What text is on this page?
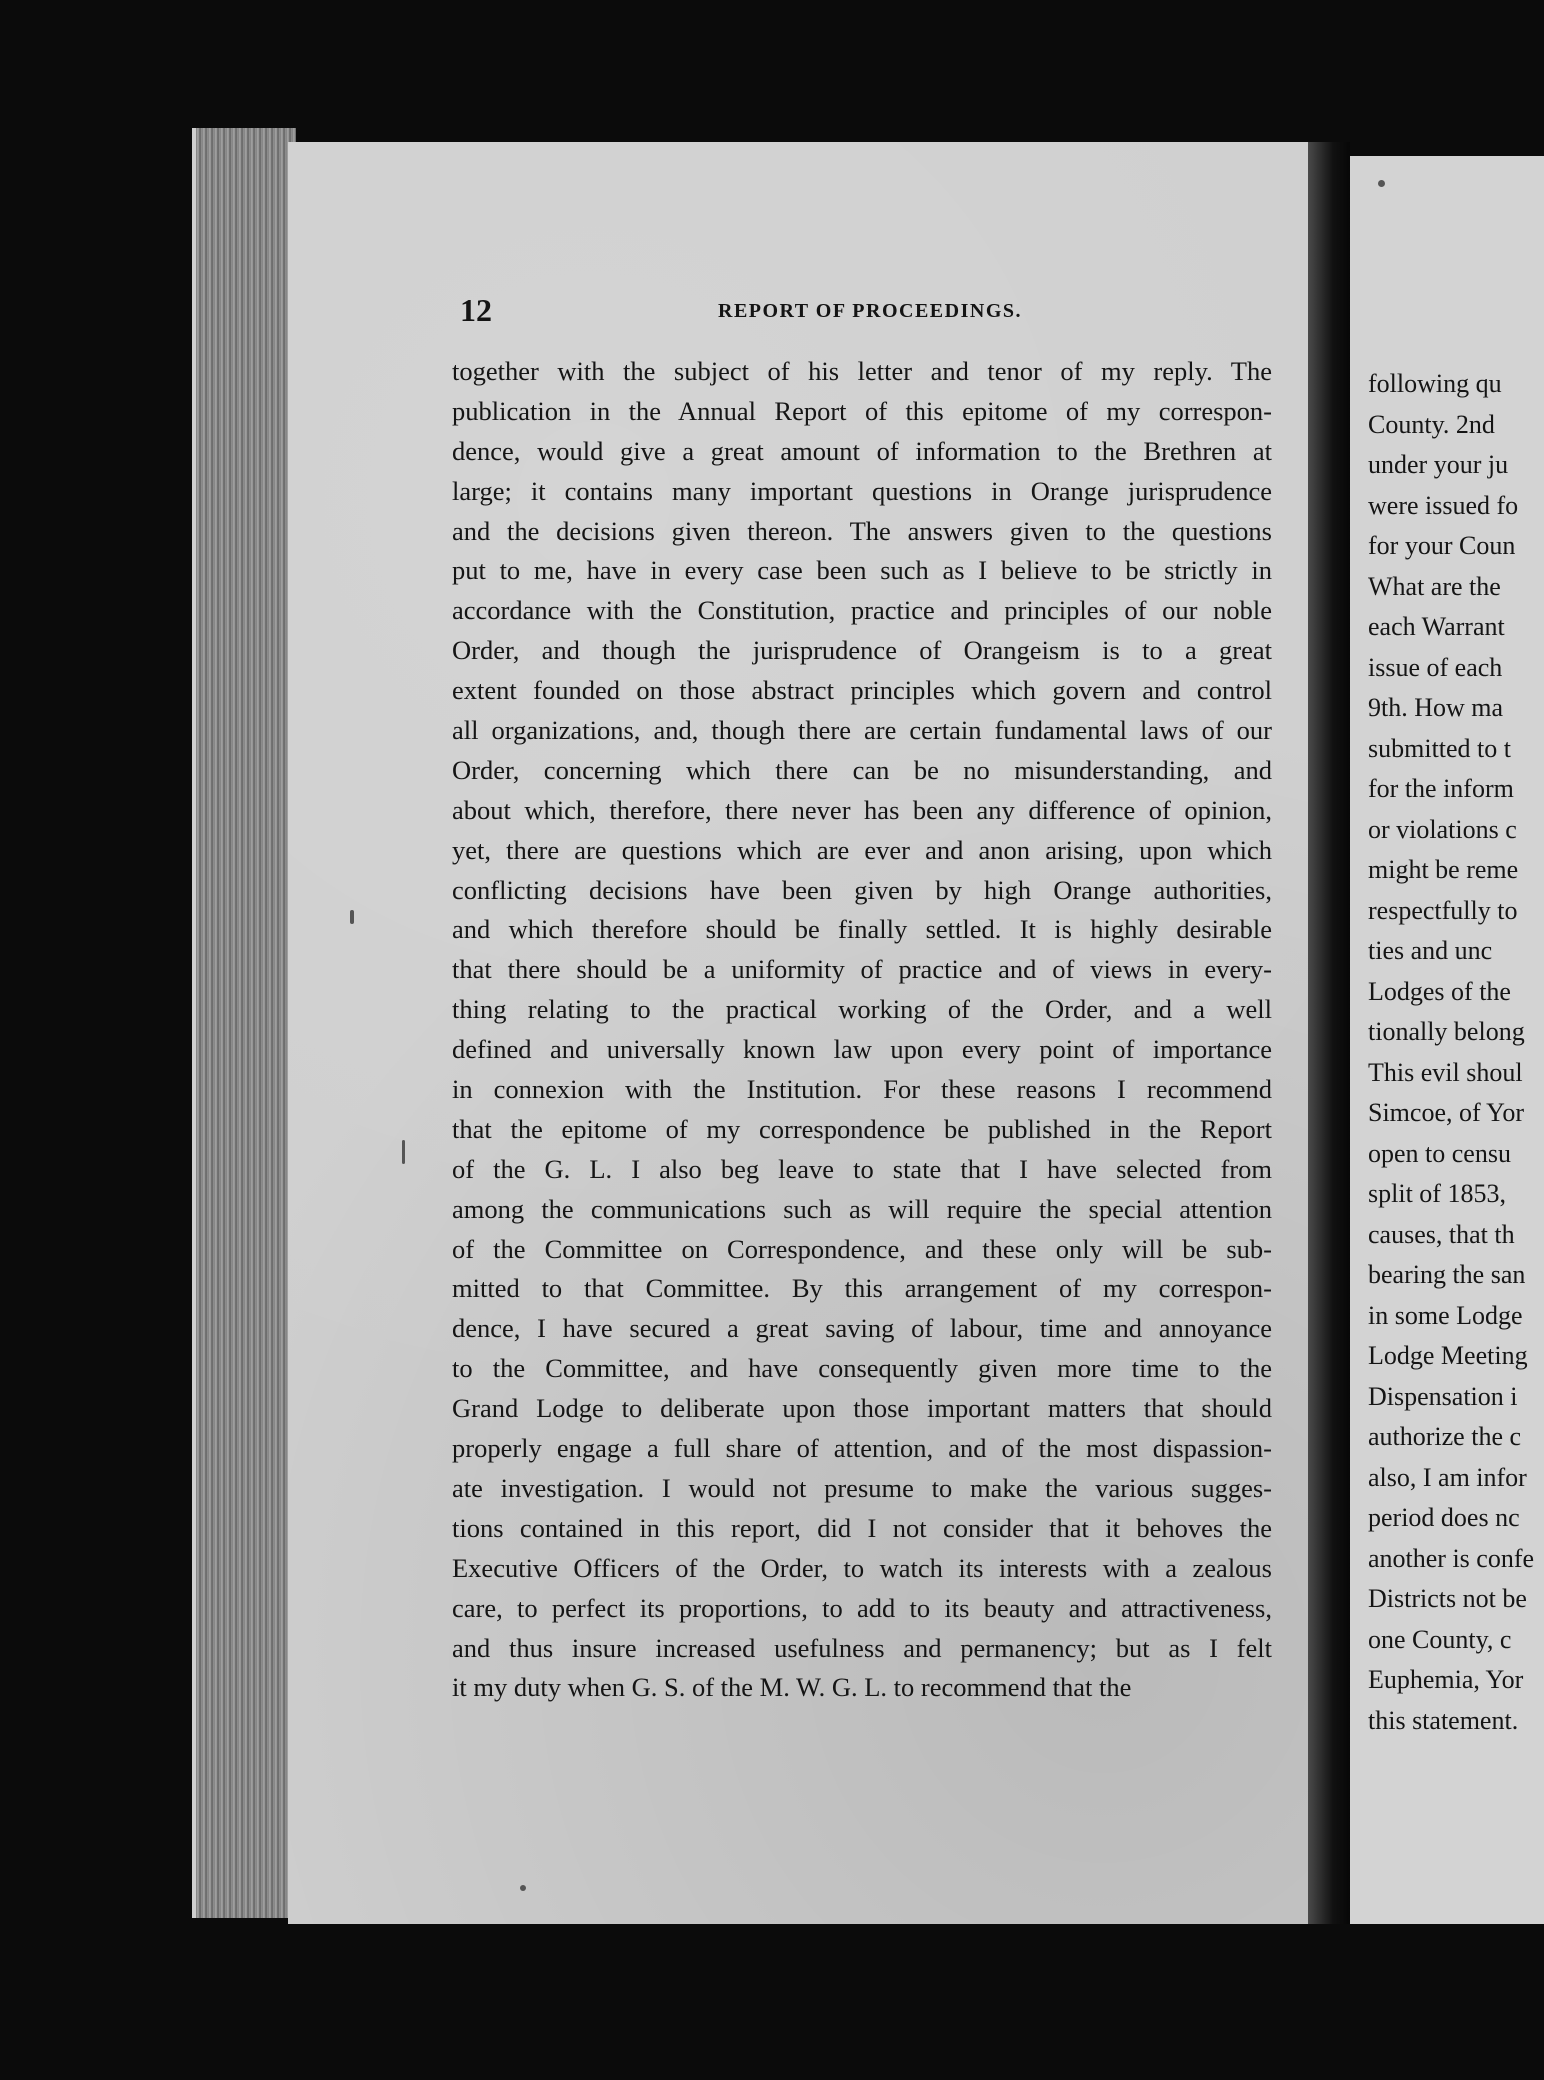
following qu
County. 2nd
under your ju
were issued fo
for your Coun
What are the
each Warrant
issue of each
9th. How ma
submitted to t
for the inform
or violations c
might be reme
respectfully to
ties and unc
Lodges of the
tionally belong
This evil shoul
Simcoe, of Yor
open to censu
split of 1853,
causes, that th
bearing the san
in some Lodge
Lodge Meeting
Dispensation i
authorize the c
also, I am infor
period does nc
another is confe
Districts not be
one County, c
Euphemia, Yor
this statement.
12	REPORT OF PROCEEDINGS.
together with the subject of his letter and tenor of my reply. The
publication in the Annual Report of this epitome of my correspon-
dence, would give a great amount of information to the Brethren at
large; it contains many important questions in Orange jurisprudence
and the decisions given thereon. The answers given to the questions
put to me, have in every case been such as I believe to be strictly in
accordance with the Constitution, practice and principles of our noble
Order, and though the jurisprudence of Orangeism is to a great
extent founded on those abstract principles which govern and control
all organizations, and, though there are certain fundamental laws of our
Order, concerning which there can be no misunderstanding, and
about which, therefore, there never has been any difference of opinion,
yet, there are questions which are ever and anon arising, upon which
conflicting decisions have been given by high Orange authorities,
and which therefore should be finally settled. It is highly desirable
that there should be a uniformity of practice and of views in every-
thing relating to the practical working of the Order, and a well
defined and universally known law upon every point of importance
in connexion with the Institution. For these reasons I recommend
that the epitome of my correspondence be published in the Report
of the G. L. I also beg leave to state that I have selected from
among the communications such as will require the special attention
of the Committee on Correspondence, and these only will be sub-
mitted to that Committee. By this arrangement of my correspon-
dence, I have secured a great saving of labour, time and annoyance
to the Committee, and have consequently given more time to the
Grand Lodge to deliberate upon those important matters that should
properly engage a full share of attention, and of the most dispassion-
ate investigation. I would not presume to make the various sugges-
tions contained in this report, did I not consider that it behoves the
Executive Officers of the Order, to watch its interests with a zealous
care, to perfect its proportions, to add to its beauty and attractiveness,
and thus insure increased usefulness and permanency; but as I felt
it my duty when G. S. of the M. W. G. L. to recommend that the
